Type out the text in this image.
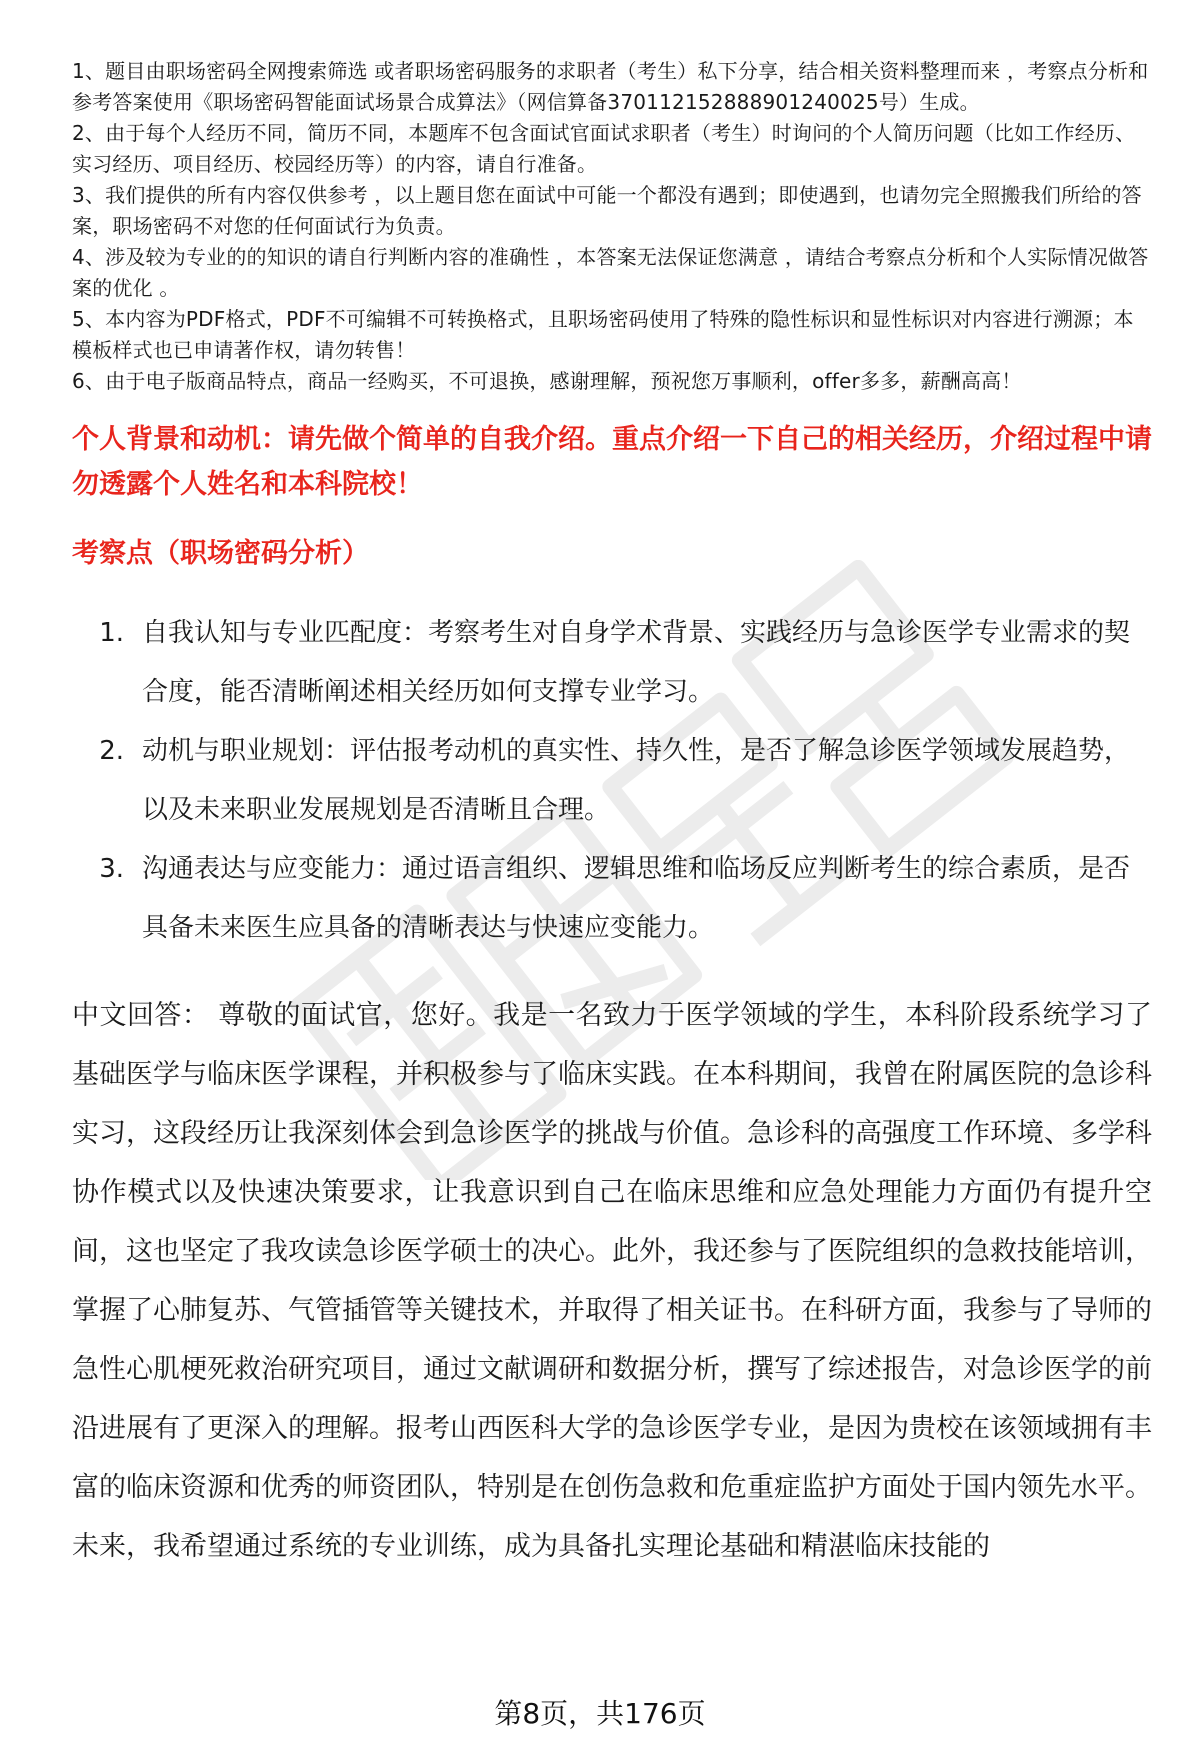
1、题目由职场密码全网搜索筛选 或者职场密码服务的求职者（考生）私下分享，结合相关资料整理而来 ，考察点分析和参考答案使用《职场密码智能面试场景合成算法》（网信算备370112152888901240025号）生成。
2、由于每个人经历不同，简历不同，本题库不包含面试官面试求职者（考生）时询问的个人简历问题（比如工作经历、实习经历、项目经历、校园经历等）的内容，请自行准备。
3、我们提供的所有内容仅供参考 ，以上题目您在面试中可能一个都没有遇到；即使遇到，也请勿完全照搬我们所给的答案，职场密码不对您的任何面试行为负责。
4、涉及较为专业的的知识的请自行判断内容的准确性 ，本答案无法保证您满意 ，请结合考察点分析和个人实际情况做答案的优化 。
5、本内容为PDF格式，PDF不可编辑不可转换格式，且职场密码使用了特殊的隐性标识和显性标识对内容进行溯源；本模板样式也已申请著作权，请勿转售！
6、由于电子版商品特点，商品一经购买，不可退换，感谢理解，预祝您万事顺利，offer多多，薪酬高高！

个人背景和动机：请先做个简单的自我介绍。重点介绍一下自己的相关经历，介绍过程中请勿透露个人姓名和本科院校！

考察点（职场密码分析）

1. 自我认知与专业匹配度：考察考生对自身学术背景、实践经历与急诊医学专业需求的契合度，能否清晰阐述相关经历如何支撑专业学习。
2. 动机与职业规划：评估报考动机的真实性、持久性，是否了解急诊医学领域发展趋势，以及未来职业发展规划是否清晰且合理。
3. 沟通表达与应变能力：通过语言组织、逻辑思维和临场反应判断考生的综合素质，是否具备未来医生应具备的清晰表达与快速应变能力。

中文回答： 尊敬的面试官，您好。我是一名致力于医学领域的学生，本科阶段系统学习了基础医学与临床医学课程，并积极参与了临床实践。在本科期间，我曾在附属医院的急诊科实习，这段经历让我深刻体会到急诊医学的挑战与价值。急诊科的高强度工作环境、多学科协作模式以及快速决策要求，让我意识到自己在临床思维和应急处理能力方面仍有提升空间，这也坚定了我攻读急诊医学硕士的决心。此外，我还参与了医院组织的急救技能培训，掌握了心肺复苏、气管插管等关键技术，并取得了相关证书。在科研方面，我参与了导师的急性心肌梗死救治研究项目，通过文献调研和数据分析，撰写了综述报告，对急诊医学的前沿进展有了更深入的理解。报考山西医科大学的急诊医学专业，是因为贵校在该领域拥有丰富的临床资源和优秀的师资团队，特别是在创伤急救和危重症监护方面处于国内领先水平。未来，我希望通过系统的专业训练，成为具备扎实理论基础和精湛临床技能的

第8页，共176页
